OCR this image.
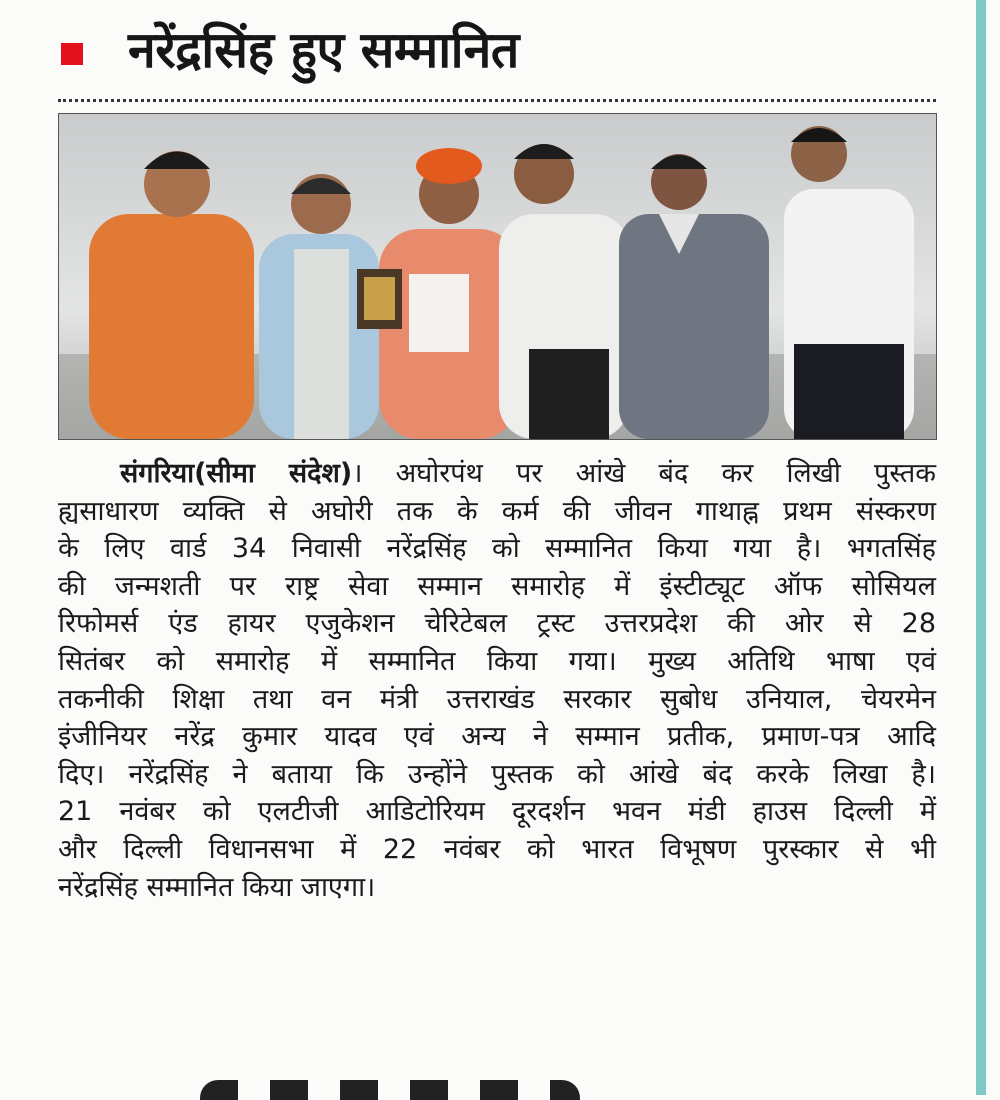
नरेंद्रसिंह हुए सम्मानित

संगरिया(सीमा संदेश)। अघोरपंथ पर आंखे बंद कर लिखी पुस्तक

ह्यसाधारण व्यक्ति से अघोरी तक के कर्म की जीवन गाथाह्न प्रथम संस्करण

के लिए वार्ड 34 निवासी नरेंद्रसिंह को सम्मानित किया गया है। भगतसिंह

की जन्मशती पर राष्ट्र सेवा सम्मान समारोह में इंस्टीट्यूट ऑफ सोसियल

रिफोमर्स एंड हायर एजुकेशन चेरिटेबल ट्रस्ट उत्तरप्रदेश की ओर से 28

सितंबर को समारोह में सम्मानित किया गया। मुख्य अतिथि भाषा एवं

तकनीकी शिक्षा तथा वन मंत्री उत्तराखंड सरकार सुबोध उनियाल, चेयरमेन

इंजीनियर नरेंद्र कुमार यादव एवं अन्य ने सम्मान प्रतीक, प्रमाण-पत्र आदि

दिए। नरेंद्रसिंह ने बताया कि उन्होंने पुस्तक को आंखे बंद करके लिखा है।

21 नवंबर को एलटीजी आडिटोरियम दूरदर्शन भवन मंडी हाउस दिल्ली में

और दिल्ली विधानसभा में 22 नवंबर को भारत विभूषण पुरस्कार से भी

नरेंद्रसिंह सम्मानित किया जाएगा।
